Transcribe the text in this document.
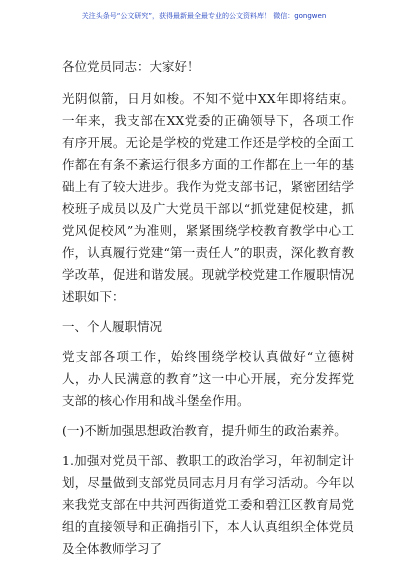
关注头条号“公文研究”，获得最新最全最专业的公文资料库！ 微信：gongwen

各位党员同志：大家好！

光阴似箭，日月如梭。不知不觉中XX年即将结束。一年来，我支部在XX党委的正确领导下，各项工作有序开展。无论是学校的党建工作还是学校的全面工作都在有条不紊运行很多方面的工作都在上一年的基础上有了较大进步。我作为党支部书记，紧密团结学校班子成员以及广大党员干部以“抓党建促校建，抓党风促校风”为准则，紧紧围绕学校教育教学中心工作，认真履行党建“第一责任人”的职责，深化教育教学改革，促进和谐发展。现就学校党建工作履职情况述职如下：

一、个人履职情况

党支部各项工作，始终围绕学校认真做好“立德树人，办人民满意的教育”这一中心开展，充分发挥党支部的核心作用和战斗堡垒作用。

(一)不断加强思想政治教育，提升师生的政治素养。

1.加强对党员干部、教职工的政治学习，年初制定计划，尽量做到支部党员同志月月有学习活动。今年以来我党支部在中共河西街道党工委和碧江区教育局党组的直接领导和正确指引下，本人认真组织全体党员及全体教师学习了
